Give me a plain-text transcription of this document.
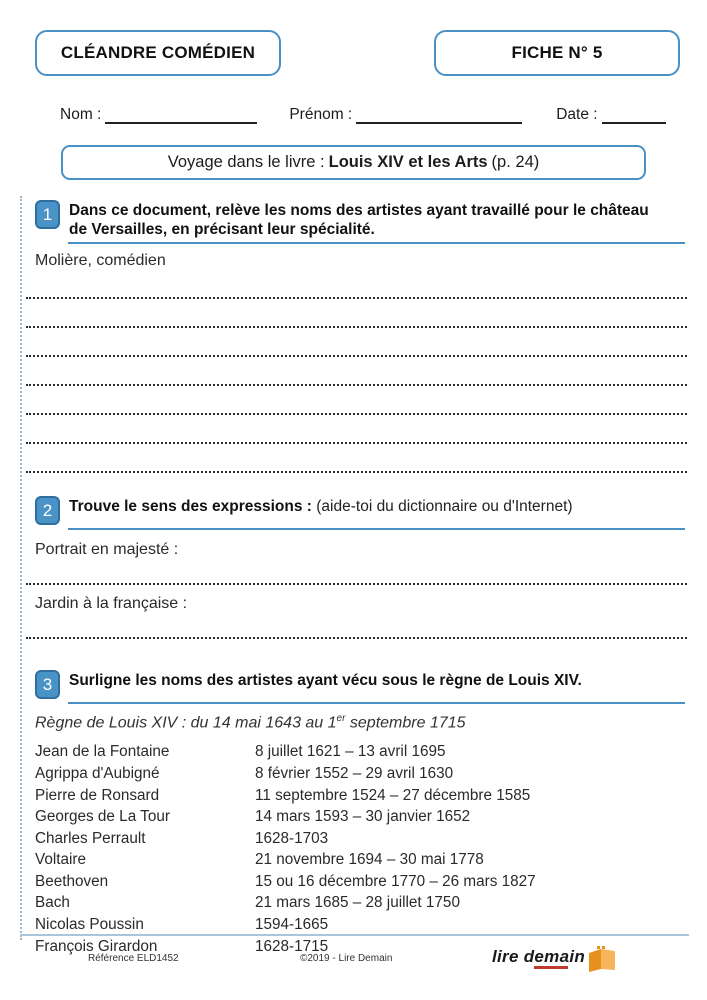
CLÉANDRE COMÉDIEN	FICHE N° 5
Nom :	Prénom :	Date :
Voyage dans le livre : Louis XIV et les Arts (p. 24)
1 Dans ce document, relève les noms des artistes ayant travaillé pour le château de Versailles, en précisant leur spécialité.
Molière, comédien
2 Trouve le sens des expressions : (aide-toi du dictionnaire ou d'Internet)
Portrait en majesté :
Jardin à la française :
3 Surligne les noms des artistes ayant vécu sous le règne de Louis XIV.
Règne de Louis XIV : du 14 mai 1643 au 1er septembre 1715
Jean de la Fontaine	8 juillet 1621 – 13 avril 1695
Agrippa d'Aubigné	8 février 1552 – 29 avril 1630
Pierre de Ronsard	11 septembre 1524 – 27 décembre 1585
Georges de La Tour	14 mars 1593 – 30 janvier 1652
Charles Perrault	1628-1703
Voltaire	21 novembre 1694 – 30 mai 1778
Beethoven	15 ou 16 décembre 1770 – 26 mars 1827
Bach	21 mars 1685 – 28 juillet 1750
Nicolas Poussin	1594-1665
François Girardon	1628-1715
Référence ELD1452	©2019 - Lire Demain	lire demain
